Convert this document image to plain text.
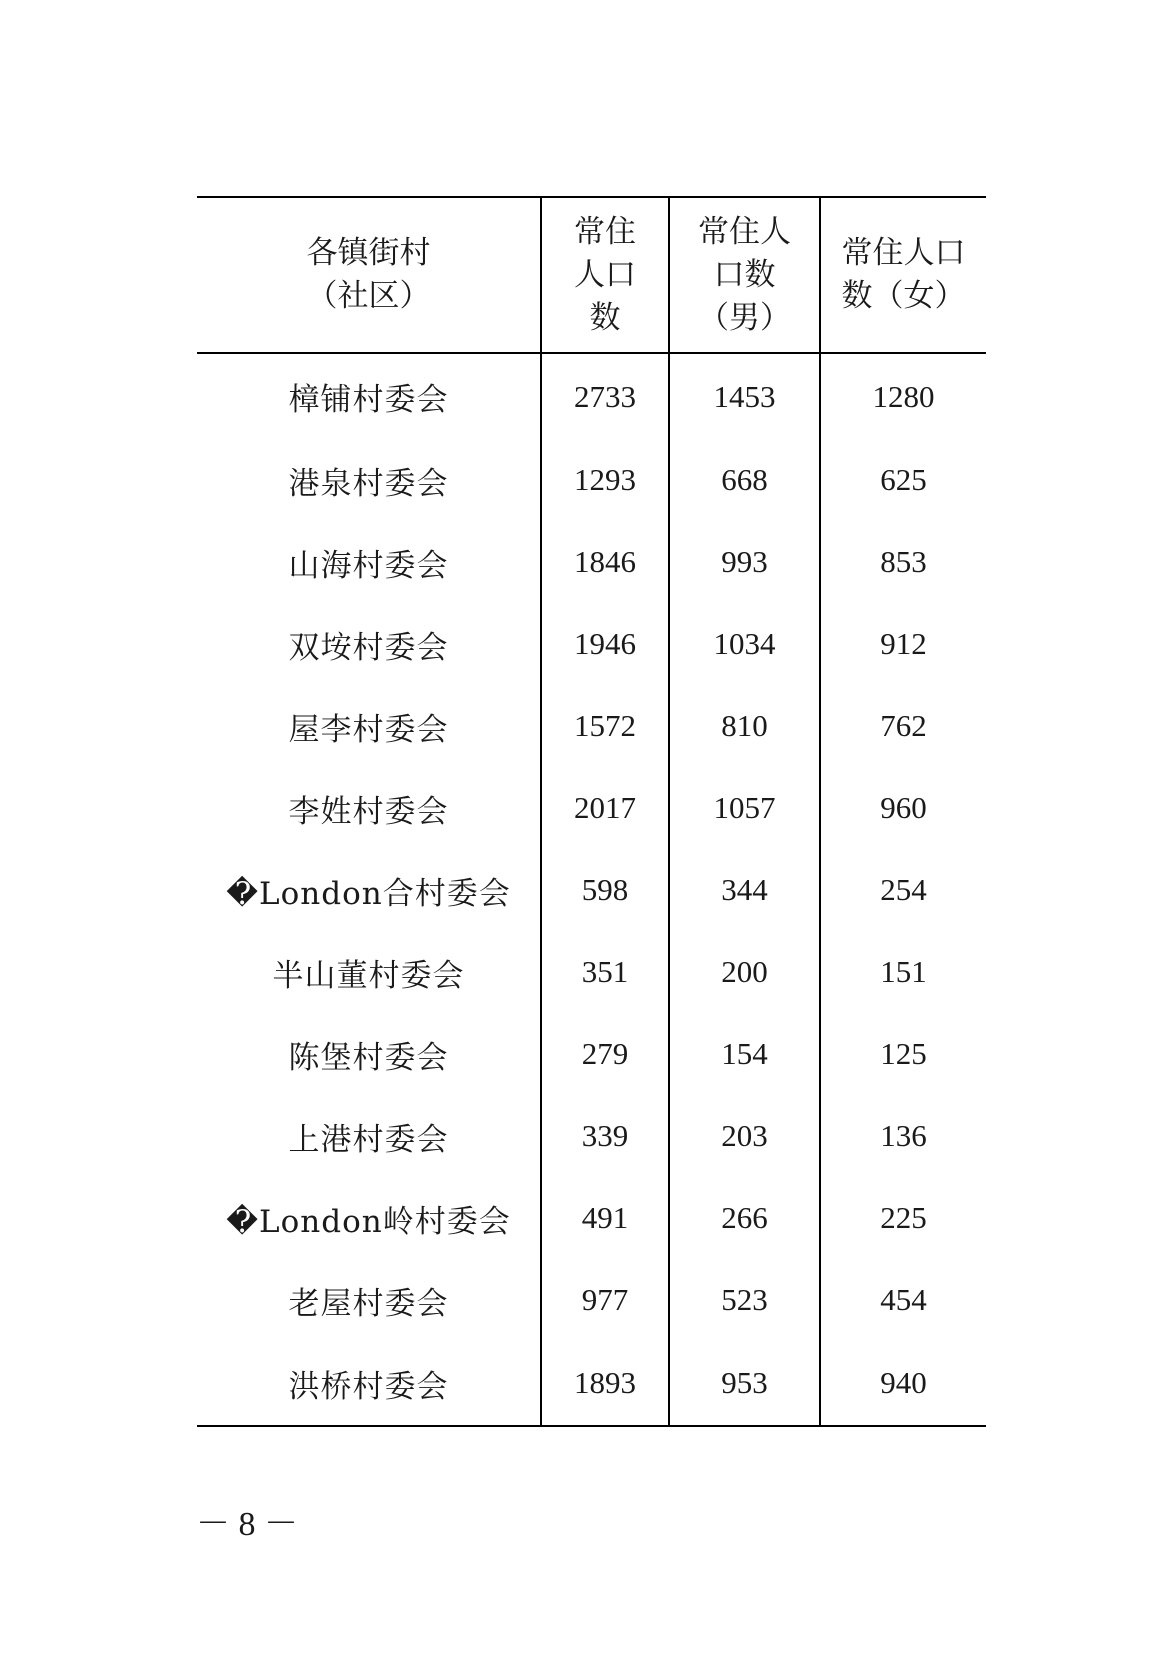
各镇街村（社区）	常住人口数	常住人口数（男）	常住人口数（女）
樟铺村委会	2733	1453	1280
港泉村委会	1293	668	625
山海村委会	1846	993	853
双垵村委会	1946	1034	912
屋李村委会	1572	810	762
李姓村委会	2017	1057	960
�London合村委会	598	344	254
半山董村委会	351	200	151
陈堡村委会	279	154	125
上港村委会	339	203	136
�London岭村委会	491	266	225
老屋村委会	977	523	454
洪桥村委会	1893	953	940
－ 8 －
